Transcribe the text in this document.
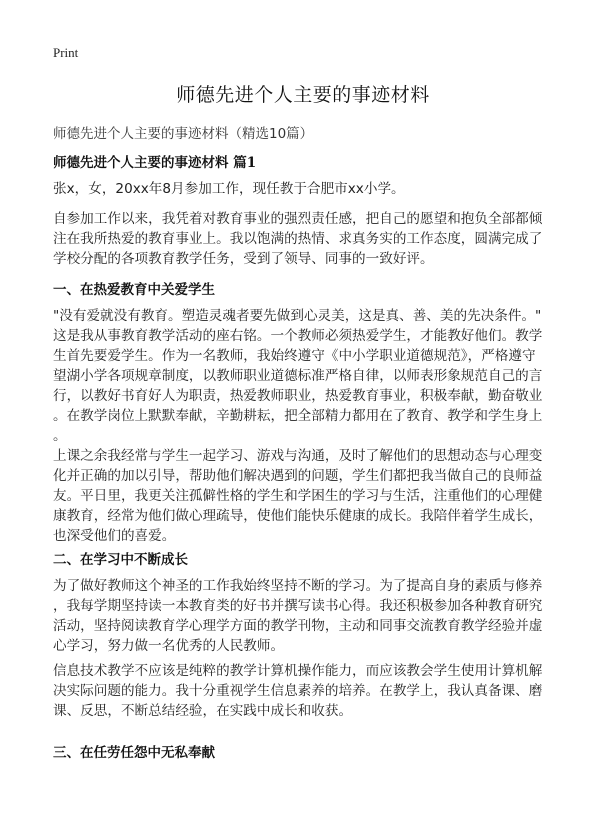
Print
师德先进个人主要的事迹材料
师德先进个人主要的事迹材料（精选10篇）
师德先进个人主要的事迹材料 篇1
张x，女，20xx年8月参加工作，现任教于合肥市xx小学。
自参加工作以来，我凭着对教育事业的强烈责任感，把自己的愿望和抱负全部都倾
注在我所热爱的教育事业上。我以饱满的热情、求真务实的工作态度，圆满完成了
学校分配的各项教育教学任务，受到了领导、同事的一致好评。
一、在热爱教育中关爱学生
"没有爱就没有教育。塑造灵魂者要先做到心灵美，这是真、善、美的先决条件。"
这是我从事教育教学活动的座右铭。一个教师必须热爱学生，才能教好他们。教学
生首先要爱学生。作为一名教师，我始终遵守《中小学职业道德规范》，严格遵守
望湖小学各项规章制度，以教师职业道德标准严格自律，以师表形象规范自己的言
行，以教好书育好人为职责，热爱教师职业，热爱教育事业，积极奉献，勤奋敬业
。在教学岗位上默默奉献，辛勤耕耘，把全部精力都用在了教育、教学和学生身上
。
上课之余我经常与学生一起学习、游戏与沟通，及时了解他们的思想动态与心理变
化并正确的加以引导，帮助他们解决遇到的问题，学生们都把我当做自己的良师益
友。平日里，我更关注孤僻性格的学生和学困生的学习与生活，注重他们的心理健
康教育，经常为他们做心理疏导，使他们能快乐健康的成长。我陪伴着学生成长，
也深受他们的喜爱。
二、在学习中不断成长
为了做好教师这个神圣的工作我始终坚持不断的学习。为了提高自身的素质与修养
，我每学期坚持读一本教育类的好书并撰写读书心得。我还积极参加各种教育研究
活动，坚持阅读教育学心理学方面的教学刊物，主动和同事交流教育教学经验并虚
心学习，努力做一名优秀的人民教师。
信息技术教学不应该是纯粹的教学计算机操作能力，而应该教会学生使用计算机解
决实际问题的能力。我十分重视学生信息素养的培养。在教学上，我认真备课、磨
课、反思，不断总结经验，在实践中成长和收获。
三、在任劳任怨中无私奉献
